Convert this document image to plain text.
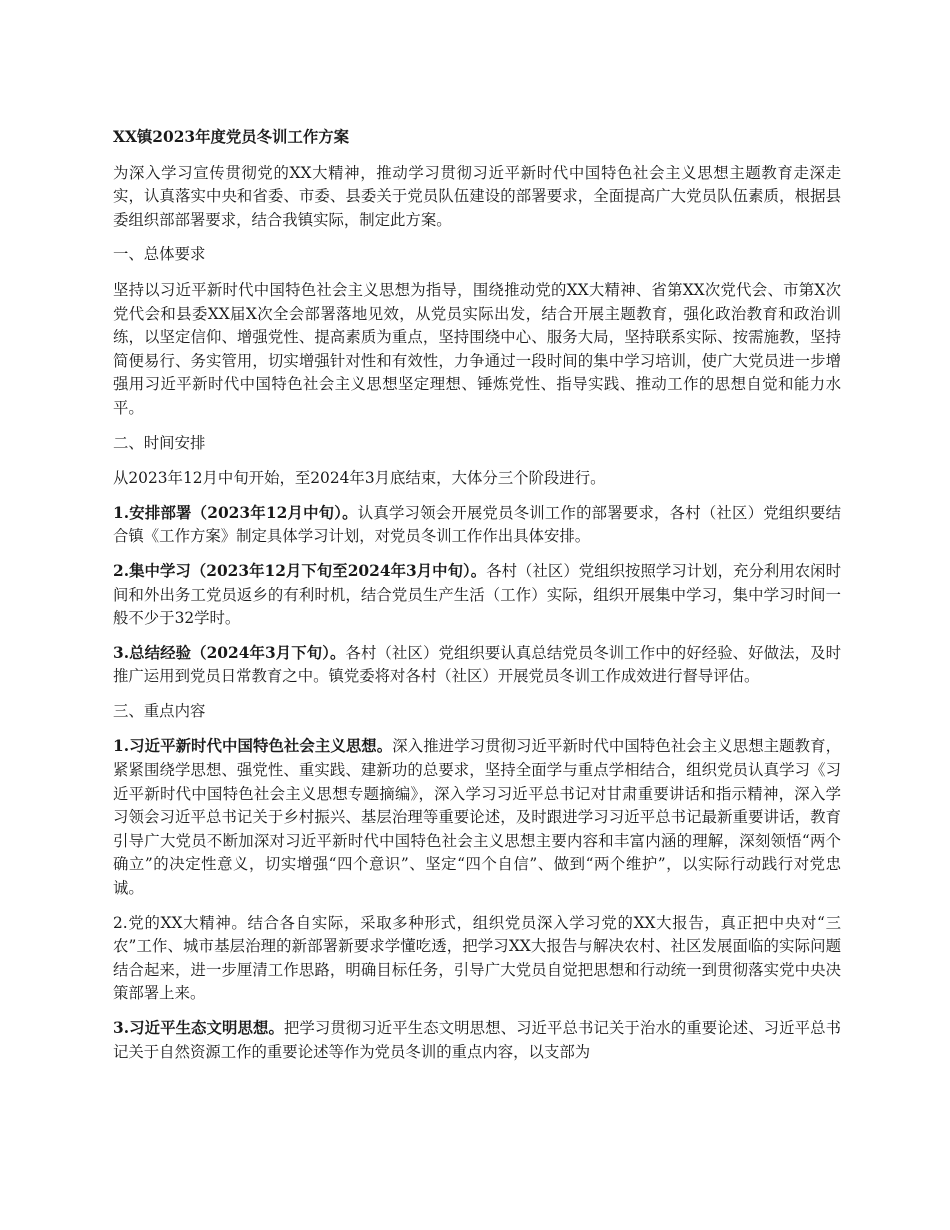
XX镇2023年度党员冬训工作方案

为深入学习宣传贯彻党的XX大精神，推动学习贯彻习近平新时代中国特色社会主义思想主题教育走深走实，认真落实中央和省委、市委、县委关于党员队伍建设的部署要求，全面提高广大党员队伍素质，根据县委组织部部署要求，结合我镇实际，制定此方案。

一、总体要求

坚持以习近平新时代中国特色社会主义思想为指导，围绕推动党的XX大精神、省第XX次党代会、市第X次党代会和县委XX届X次全会部署落地见效，从党员实际出发，结合开展主题教育，强化政治教育和政治训练，以坚定信仰、增强党性、提高素质为重点，坚持围绕中心、服务大局，坚持联系实际、按需施教，坚持简便易行、务实管用，切实增强针对性和有效性，力争通过一段时间的集中学习培训，使广大党员进一步增强用习近平新时代中国特色社会主义思想坚定理想、锤炼党性、指导实践、推动工作的思想自觉和能力水平。

二、时间安排

从2023年12月中旬开始，至2024年3月底结束，大体分三个阶段进行。

1.安排部署（2023年12月中旬）。认真学习领会开展党员冬训工作的部署要求，各村（社区）党组织要结合镇《工作方案》制定具体学习计划，对党员冬训工作作出具体安排。

2.集中学习（2023年12月下旬至2024年3月中旬）。各村（社区）党组织按照学习计划，充分利用农闲时间和外出务工党员返乡的有利时机，结合党员生产生活（工作）实际，组织开展集中学习，集中学习时间一般不少于32学时。

3.总结经验（2024年3月下旬）。各村（社区）党组织要认真总结党员冬训工作中的好经验、好做法，及时推广运用到党员日常教育之中。镇党委将对各村（社区）开展党员冬训工作成效进行督导评估。

三、重点内容

1.习近平新时代中国特色社会主义思想。深入推进学习贯彻习近平新时代中国特色社会主义思想主题教育，紧紧围绕学思想、强党性、重实践、建新功的总要求，坚持全面学与重点学相结合，组织党员认真学习《习近平新时代中国特色社会主义思想专题摘编》，深入学习习近平总书记对甘肃重要讲话和指示精神，深入学习领会习近平总书记关于乡村振兴、基层治理等重要论述，及时跟进学习习近平总书记最新重要讲话，教育引导广大党员不断加深对习近平新时代中国特色社会主义思想主要内容和丰富内涵的理解，深刻领悟“两个确立”的决定性意义，切实增强“四个意识”、坚定“四个自信”、做到“两个维护”，以实际行动践行对党忠诚。

2.党的XX大精神。结合各自实际，采取多种形式，组织党员深入学习党的XX大报告，真正把中央对“三农”工作、城市基层治理的新部署新要求学懂吃透，把学习XX大报告与解决农村、社区发展面临的实际问题结合起来，进一步厘清工作思路，明确目标任务，引导广大党员自觉把思想和行动统一到贯彻落实党中央决策部署上来。

3.习近平生态文明思想。把学习贯彻习近平生态文明思想、习近平总书记关于治水的重要论述、习近平总书记关于自然资源工作的重要论述等作为党员冬训的重点内容，以支部为
